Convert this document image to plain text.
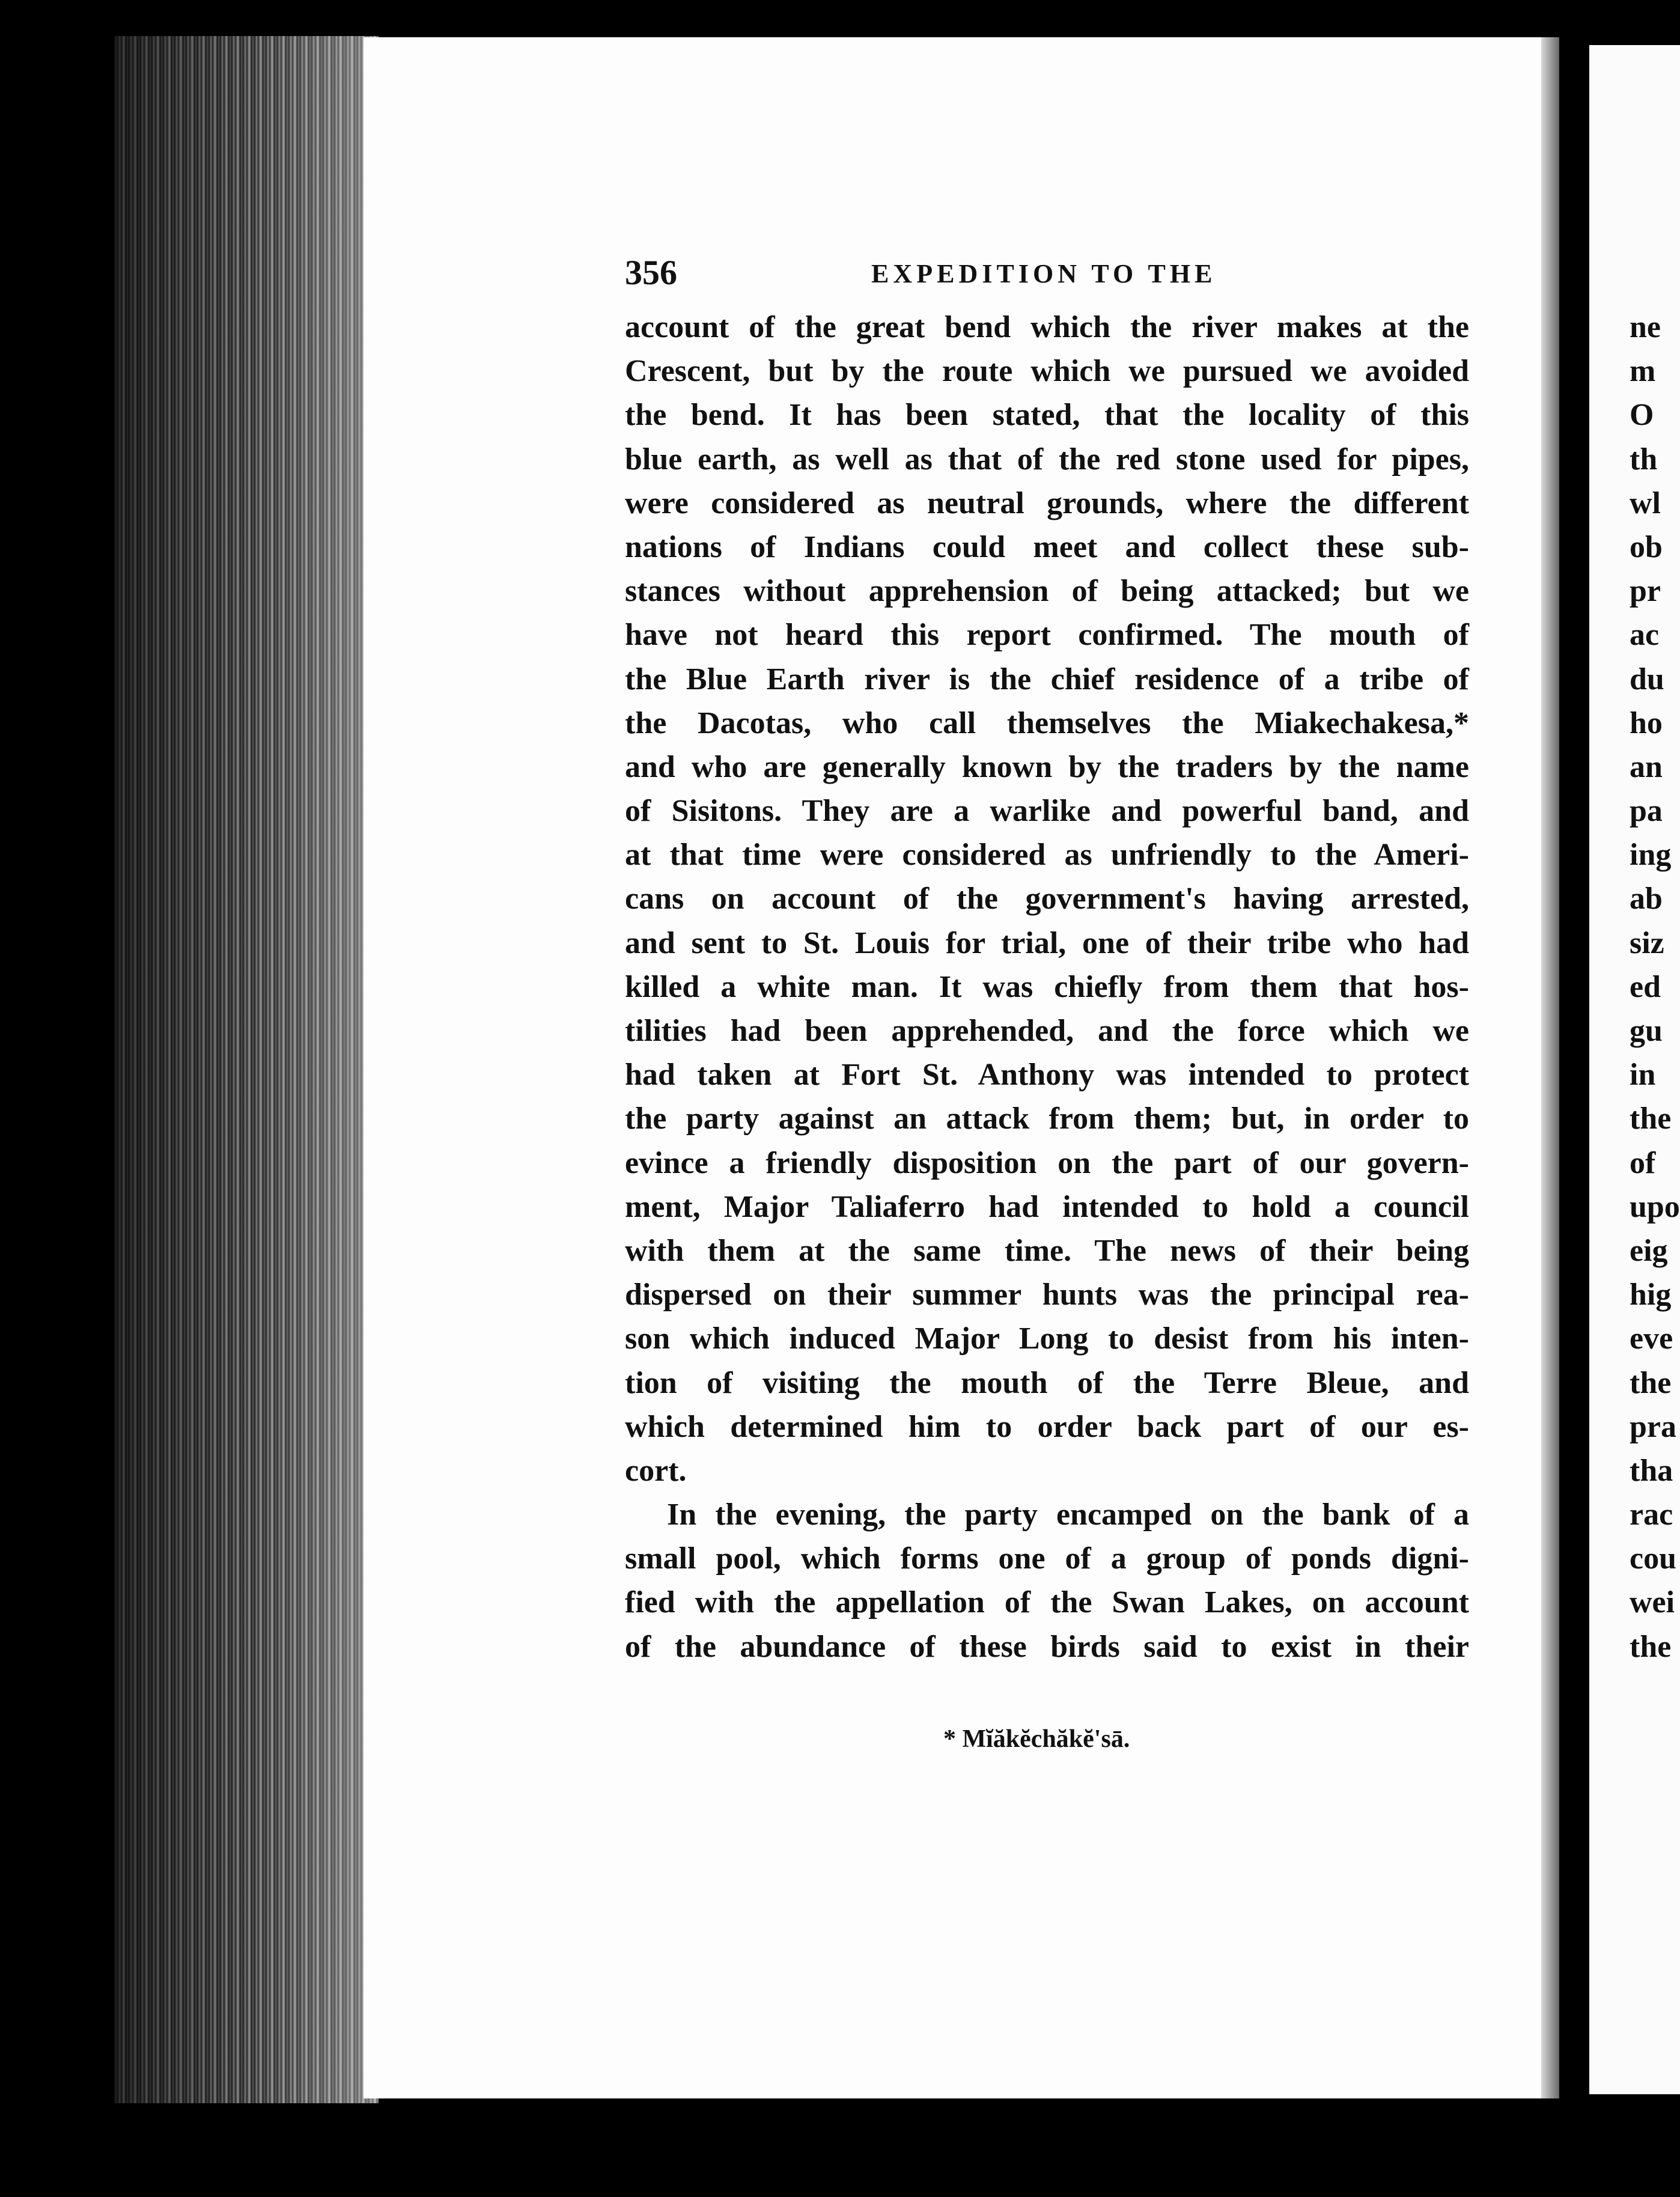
356	EXPEDITION TO THE
account of the great bend which the river makes at the
Crescent, but by the route which we pursued we avoided
the bend. It has been stated, that the locality of this
blue earth, as well as that of the red stone used for pipes,
were considered as neutral grounds, where the different
nations of Indians could meet and collect these sub-
stances without apprehension of being attacked; but we
have not heard this report confirmed. The mouth of
the Blue Earth river is the chief residence of a tribe of
the Dacotas, who call themselves the Miakechakesa,*
and who are generally known by the traders by the name
of Sisitons. They are a warlike and powerful band, and
at that time were considered as unfriendly to the Ameri-
cans on account of the government's having arrested,
and sent to St. Louis for trial, one of their tribe who had
killed a white man. It was chiefly from them that hos-
tilities had been apprehended, and the force which we
had taken at Fort St. Anthony was intended to protect
the party against an attack from them; but, in order to
evince a friendly disposition on the part of our govern-
ment, Major Taliaferro had intended to hold a council
with them at the same time. The news of their being
dispersed on their summer hunts was the principal rea-
son which induced Major Long to desist from his inten-
tion of visiting the mouth of the Terre Bleue, and
which determined him to order back part of our es-
cort.
In the evening, the party encamped on the bank of a
small pool, which forms one of a group of ponds digni-
fied with the appellation of the Swan Lakes, on account
of the abundance of these birds said to exist in their
* Mĭăkĕchăkĕ'sā.
ne
m
O
th
wl
ob
pr
ac
du
ho
an
pa
ing
ab
siz
ed
gu
in
the
of
upo
eig
hig
eve
the
pra
tha
rac
cou
wei
the
